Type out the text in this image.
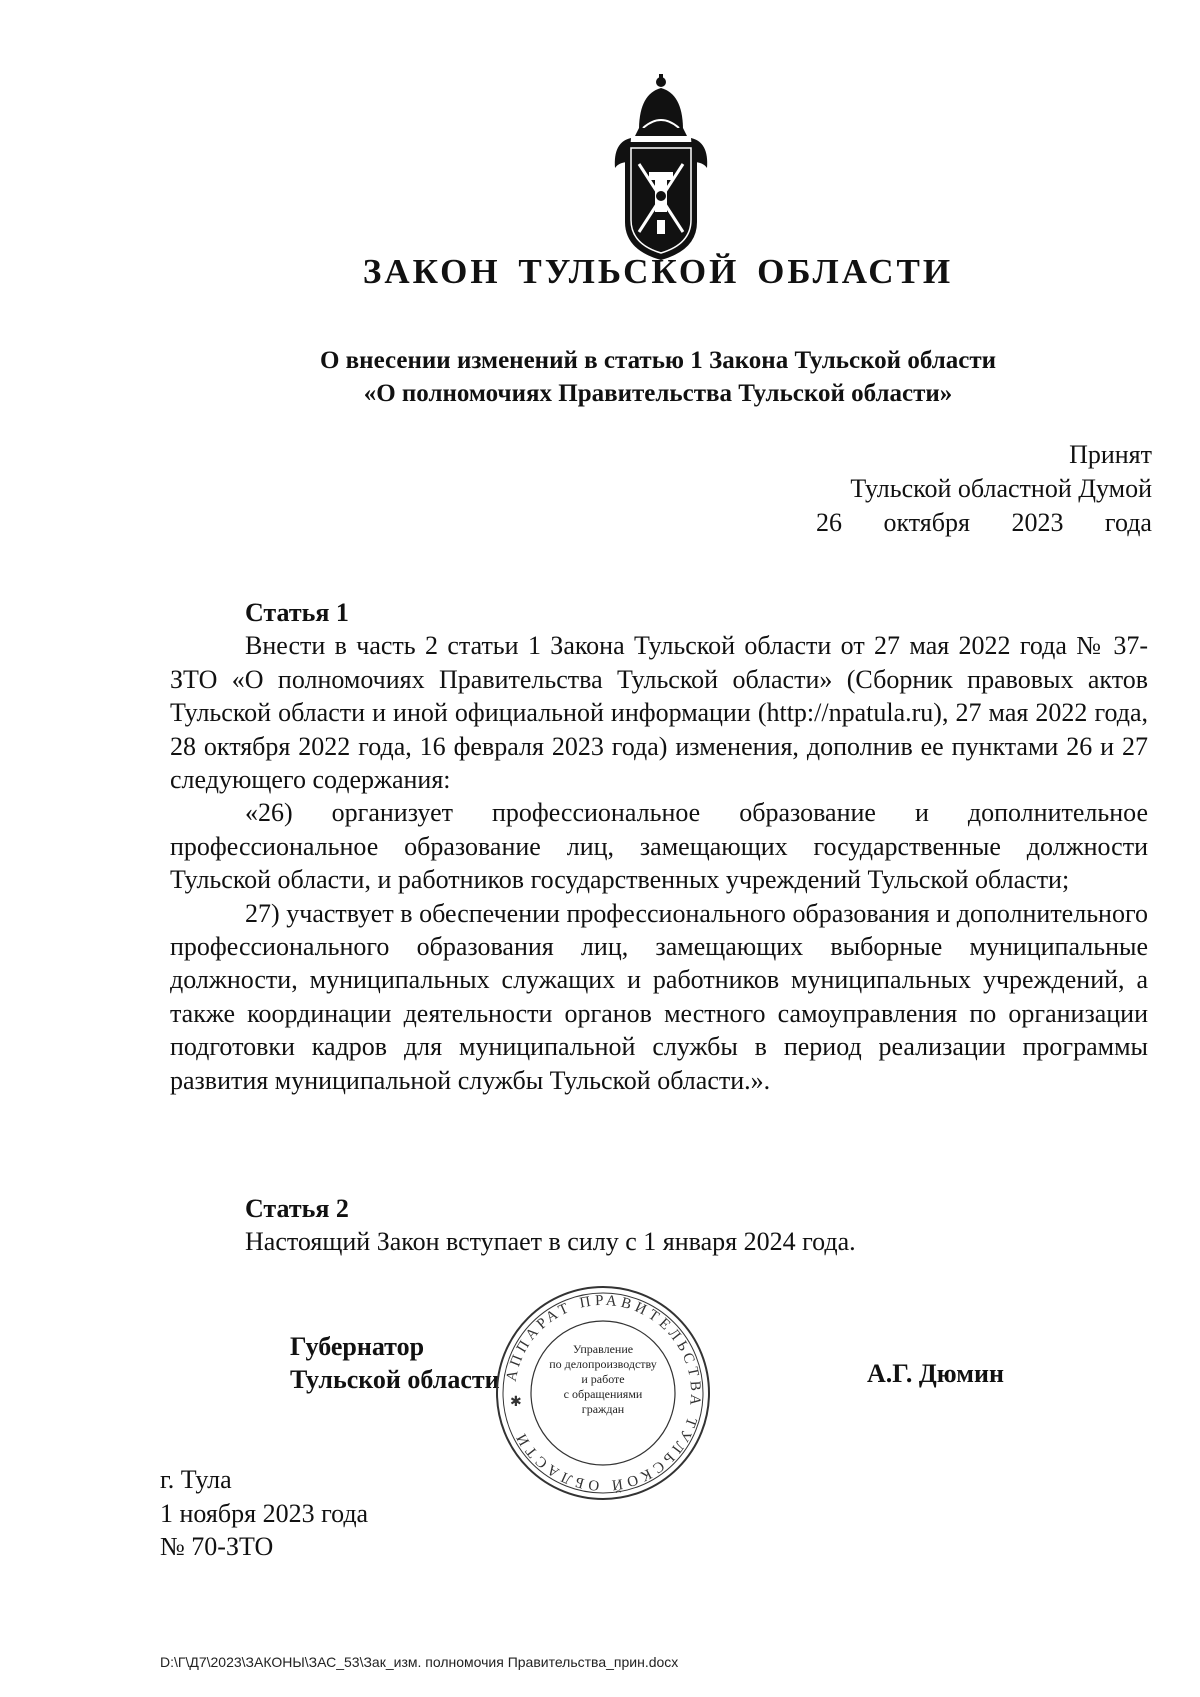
ЗАКОН ТУЛЬСКОЙ ОБЛАСТИ
О внесении изменений в статью 1 Закона Тульской области
«О полномочиях Правительства Тульской области»
Принят
Тульской областной Думой
26 октября 2023 года
Статья 1

Внести в часть 2 статьи 1 Закона Тульской области от 27 мая 2022 года № 37-ЗТО «О полномочиях Правительства Тульской области» (Сборник правовых актов Тульской области и иной официальной информации (http://npatula.ru), 27 мая 2022 года, 28 октября 2022 года, 16 февраля 2023 года) изменения, дополнив ее пунктами 26 и 27 следующего содержания:

«26) организует профессиональное образование и дополнительное профессиональное образование лиц, замещающих государственные должности Тульской области, и работников государственных учреждений Тульской области;

27) участвует в обеспечении профессионального образования и дополнительного профессионального образования лиц, замещающих выборные муниципальные должности, муниципальных служащих и работников муниципальных учреждений, а также координации деятельности органов местного самоуправления по организации подготовки кадров для муниципальной службы в период реализации программы развития муниципальной службы Тульской области.».

Статья 2

Настоящий Закон вступает в силу с 1 января 2024 года.

Губернатор
Тульской области	А.Г. Дюмин
АППАРАТ ПРАВИТЕЛЬСТВА ТУЛЬСКОЙ ОБЛАСТИ
✱
Управление
по делопроизводству
и работе
с обращениями
граждан
г. Тула
1 ноября 2023 года
№ 70-ЗТО
D:\Г\Д7\2023\ЗАКОНЫ\ЗАС_53\Зак_изм. полномочия Правительства_прин.docx
